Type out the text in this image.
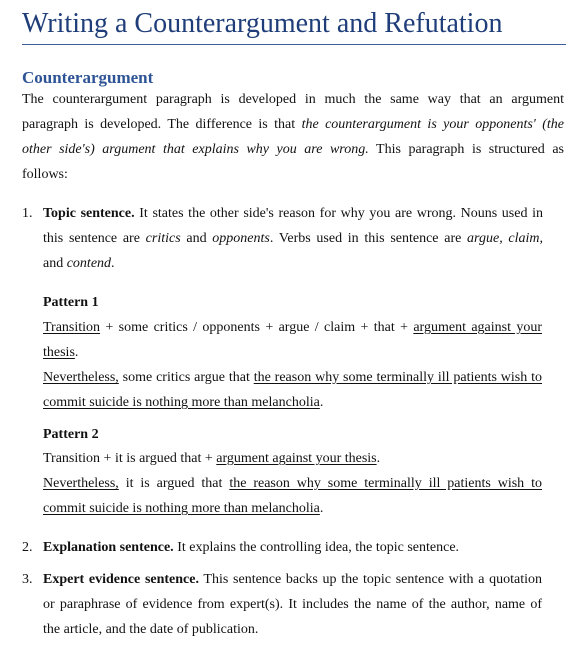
Writing a Counterargument and Refutation
Counterargument
The counterargument paragraph is developed in much the same way that an argument
paragraph is developed. The difference is that the counterargument is your opponents' (the
other side's) argument that explains why you are wrong. This paragraph is structured as
follows:
1. Topic sentence. It states the other side's reason for why you are wrong. Nouns used in
this sentence are critics and opponents. Verbs used in this sentence are argue, claim,
and contend.
Pattern 1
Transition + some critics / opponents + argue / claim + that + argument against your
thesis.
Nevertheless, some critics argue that the reason why some terminally ill patients wish to
commit suicide is nothing more than melancholia.
Pattern 2
Transition + it is argued that + argument against your thesis.
Nevertheless, it is argued that the reason why some terminally ill patients wish to
commit suicide is nothing more than melancholia.
2. Explanation sentence. It explains the controlling idea, the topic sentence.
3. Expert evidence sentence. This sentence backs up the topic sentence with a quotation
or paraphrase of evidence from expert(s). It includes the name of the author, name of
the article, and the date of publication.
